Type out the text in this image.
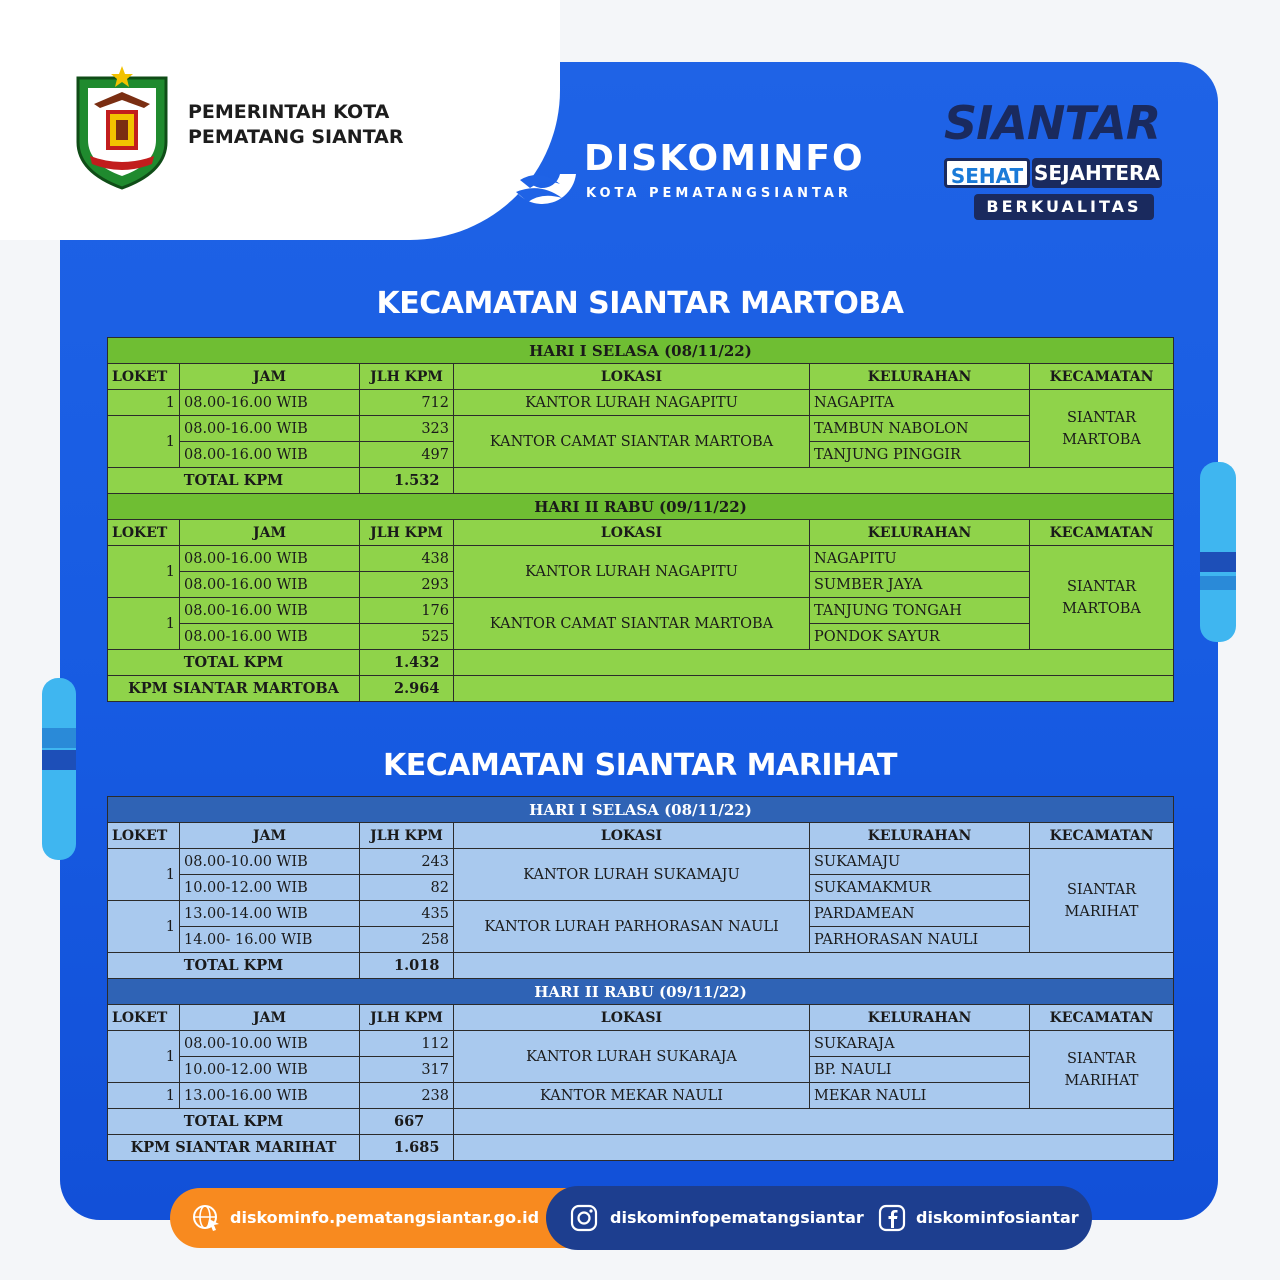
PEMERINTAH KOTA
PEMATANG SIANTAR
DISKOMINFO
KOTA PEMATANGSIANTAR
SIANTAR
SEHAT SEJAHTERA
BERKUALITAS
KECAMATAN SIANTAR MARTOBA
HARI I SELASA (08/11/22)					
LOKET	JAM	JLH KPM	LOKASI	KELURAHAN	KECAMATAN
1	08.00-16.00 WIB	712	KANTOR LURAH NAGAPITU	NAGAPITA	SIANTAR
MARTOBA

1	08.00-16.00 WIB	323	KANTOR CAMAT SIANTAR MARTOBA	TAMBUN NABOLON	
	08.00-16.00 WIB	497		TANJUNG PINGGIR	
TOTAL KPM		1.532			
HARI II RABU (09/11/22)					
LOKET	JAM	JLH KPM	LOKASI	KELURAHAN	KECAMATAN
1	08.00-16.00 WIB	438	KANTOR LURAH NAGAPITU	NAGAPITU	SIANTAR
MARTOBA

	08.00-16.00 WIB	293		SUMBER JAYA	
1	08.00-16.00 WIB	176	KANTOR CAMAT SIANTAR MARTOBA	TANJUNG TONGAH	
	08.00-16.00 WIB	525		PONDOK SAYUR	
TOTAL KPM		1.432			
KPM SIANTAR MARTOBA		2.964			
KECAMATAN SIANTAR MARIHAT
HARI I SELASA (08/11/22)					
LOKET	JAM	JLH KPM	LOKASI	KELURAHAN	KECAMATAN
1	08.00-10.00 WIB	243	KANTOR LURAH SUKAMAJU	SUKAMAJU	SIANTAR
MARIHAT

	10.00-12.00 WIB	82		SUKAMAKMUR	
1	13.00-14.00 WIB	435	KANTOR LURAH PARHORASAN NAULI	PARDAMEAN	
	14.00- 16.00 WIB	258		PARHORASAN NAULI	
TOTAL KPM		1.018			
HARI II RABU (09/11/22)					
LOKET	JAM	JLH KPM	LOKASI	KELURAHAN	KECAMATAN
1	08.00-10.00 WIB	112	KANTOR LURAH SUKARAJA	SUKARAJA	SIANTAR
MARIHAT

	10.00-12.00 WIB	317		BP. NAULI	
1	13.00-16.00 WIB	238	KANTOR MEKAR NAULI	MEKAR NAULI	
TOTAL KPM		667			
KPM SIANTAR MARIHAT		1.685			
diskominfo.pematangsiantar.go.id	diskominfopematangsiantar	diskominfosiantar
